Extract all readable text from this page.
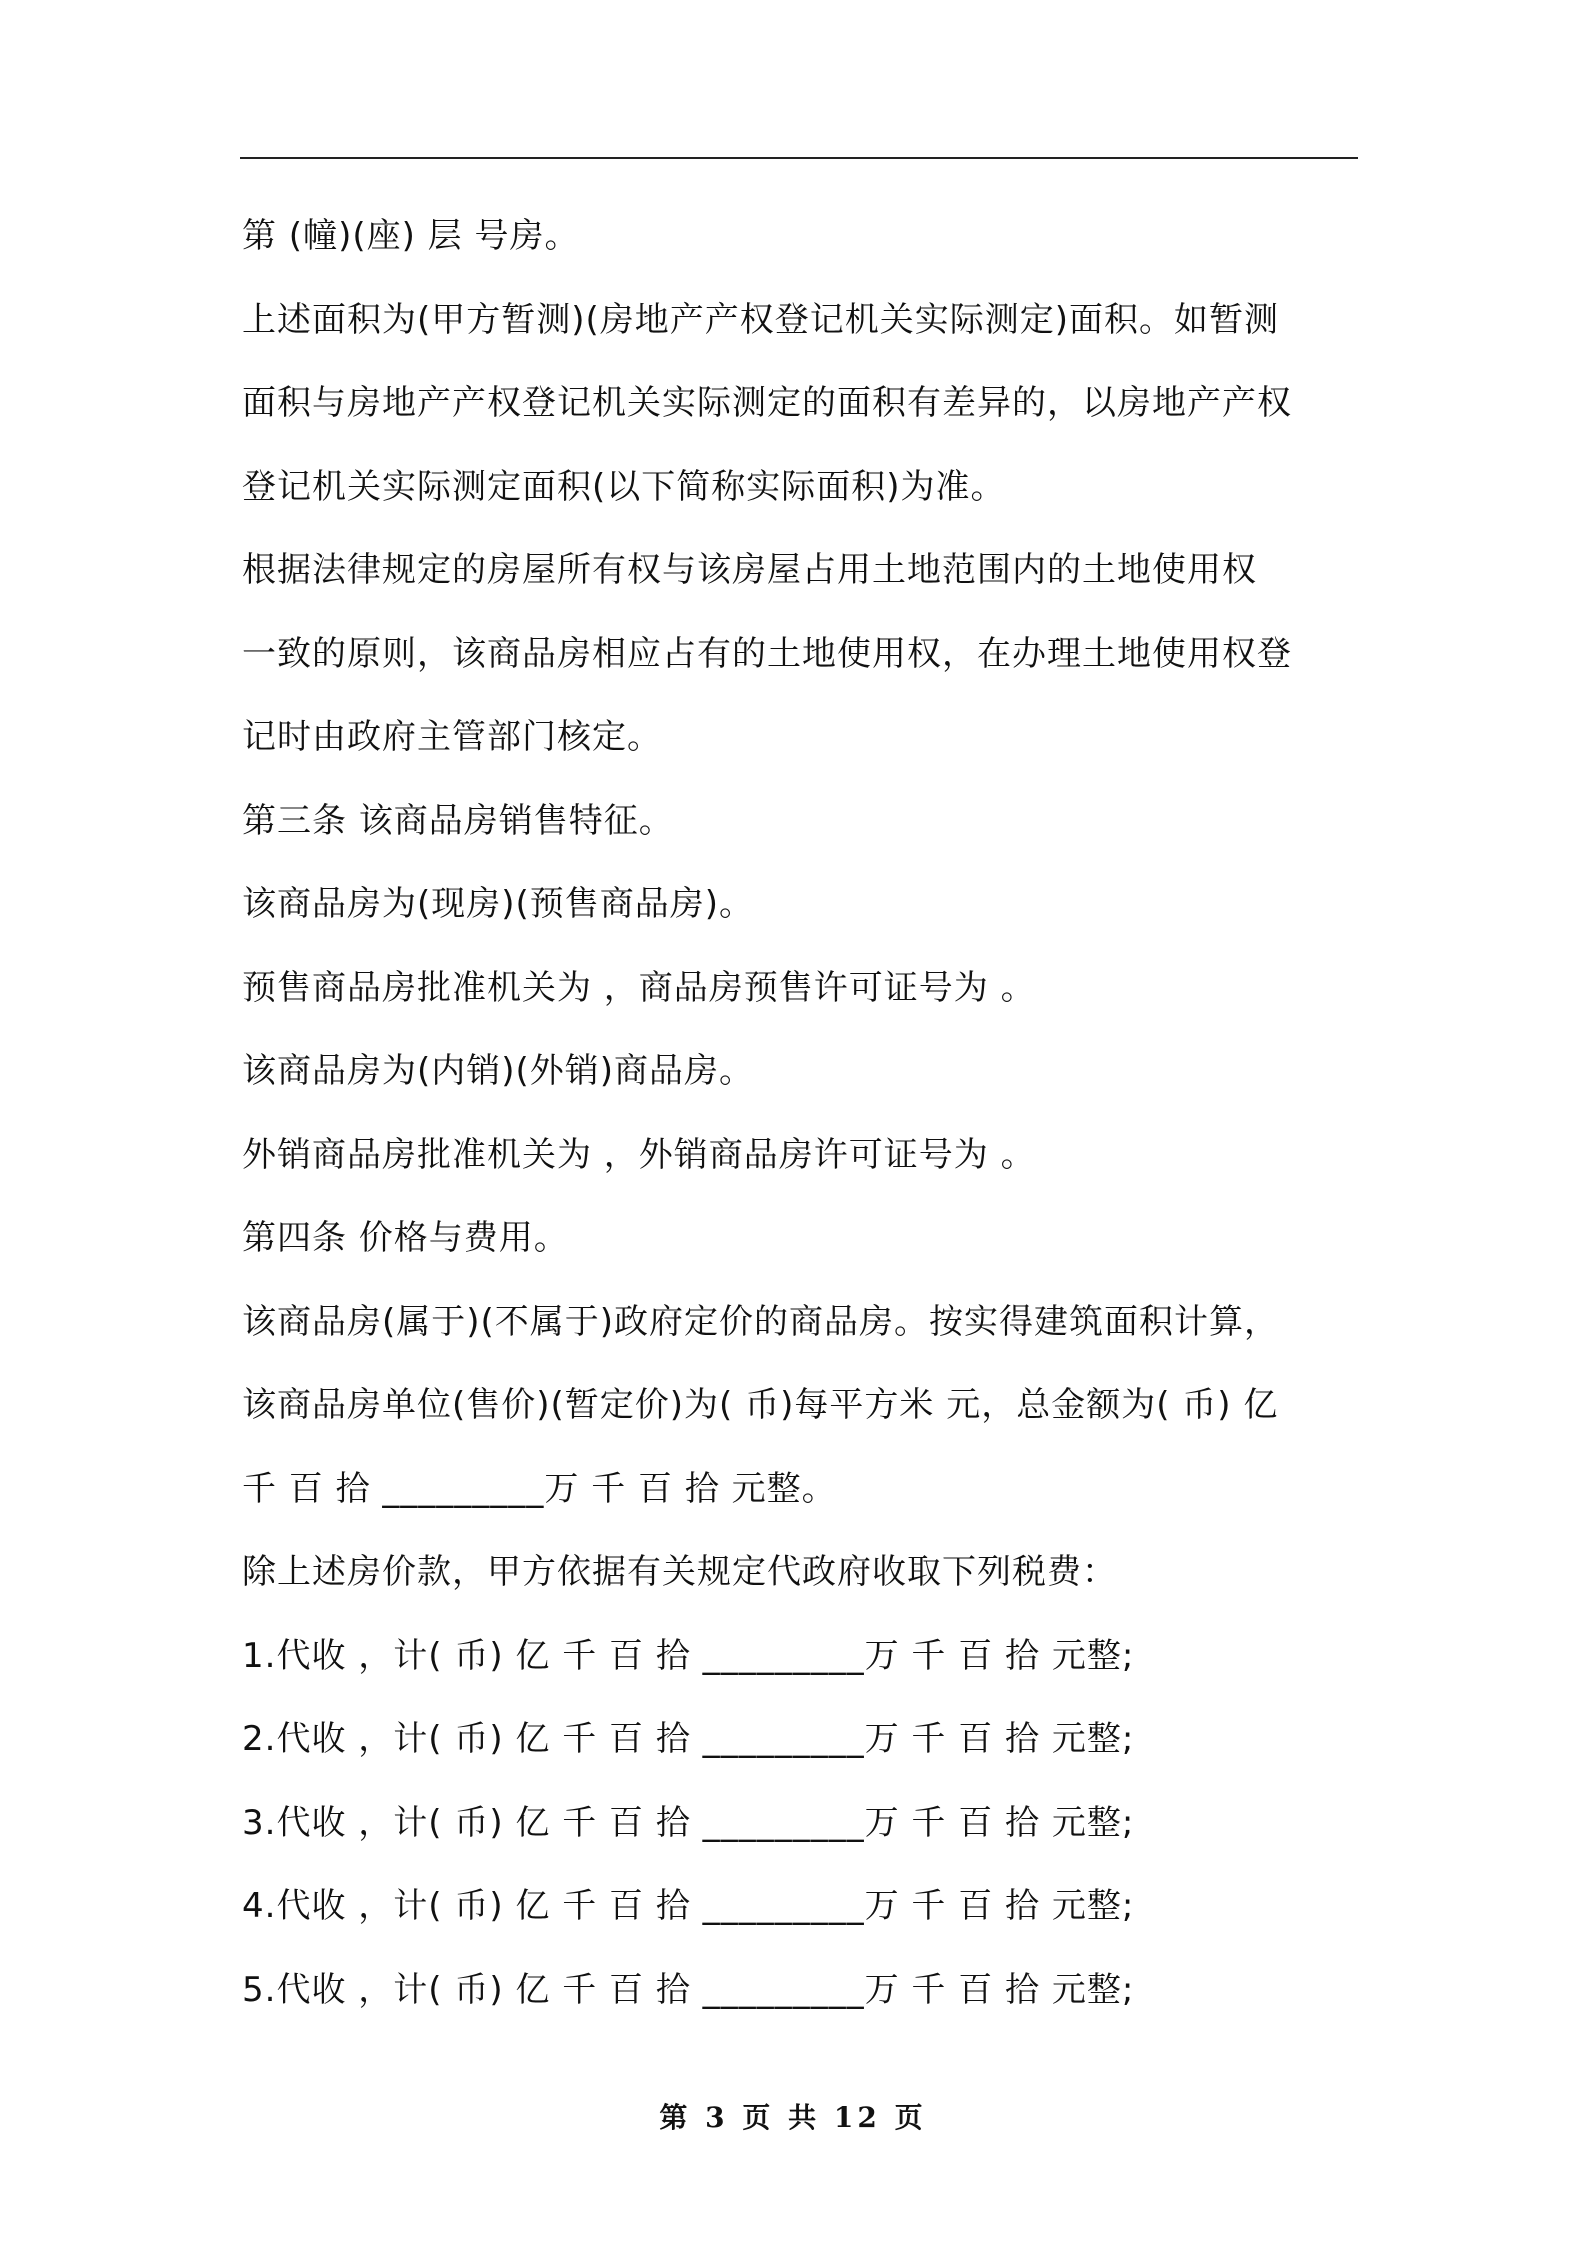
第 (幢)(座) 层 号房。
上述面积为(甲方暂测)(房地产产权登记机关实际测定)面积。如暂测
面积与房地产产权登记机关实际测定的面积有差异的，以房地产产权
登记机关实际测定面积(以下简称实际面积)为准。
根据法律规定的房屋所有权与该房屋占用土地范围内的土地使用权
一致的原则，该商品房相应占有的土地使用权，在办理土地使用权登
记时由政府主管部门核定。
第三条 该商品房销售特征。
该商品房为(现房)(预售商品房)。
预售商品房批准机关为 ，商品房预售许可证号为 。
该商品房为(内销)(外销)商品房。
外销商品房批准机关为 ，外销商品房许可证号为 。
第四条 价格与费用。
该商品房(属于)(不属于)政府定价的商品房。按实得建筑面积计算，
该商品房单位(售价)(暂定价)为( 币)每平方米 元，总金额为( 币) 亿
千 百 拾 _________万 千 百 拾 元整。
除上述房价款，甲方依据有关规定代政府收取下列税费：
1.代收 ，计( 币) 亿 千 百 拾 _________万 千 百 拾 元整;
2.代收 ，计( 币) 亿 千 百 拾 _________万 千 百 拾 元整;
3.代收 ，计( 币) 亿 千 百 拾 _________万 千 百 拾 元整;
4.代收 ，计( 币) 亿 千 百 拾 _________万 千 百 拾 元整;
5.代收 ，计( 币) 亿 千 百 拾 _________万 千 百 拾 元整;
第 3 页 共 12 页
